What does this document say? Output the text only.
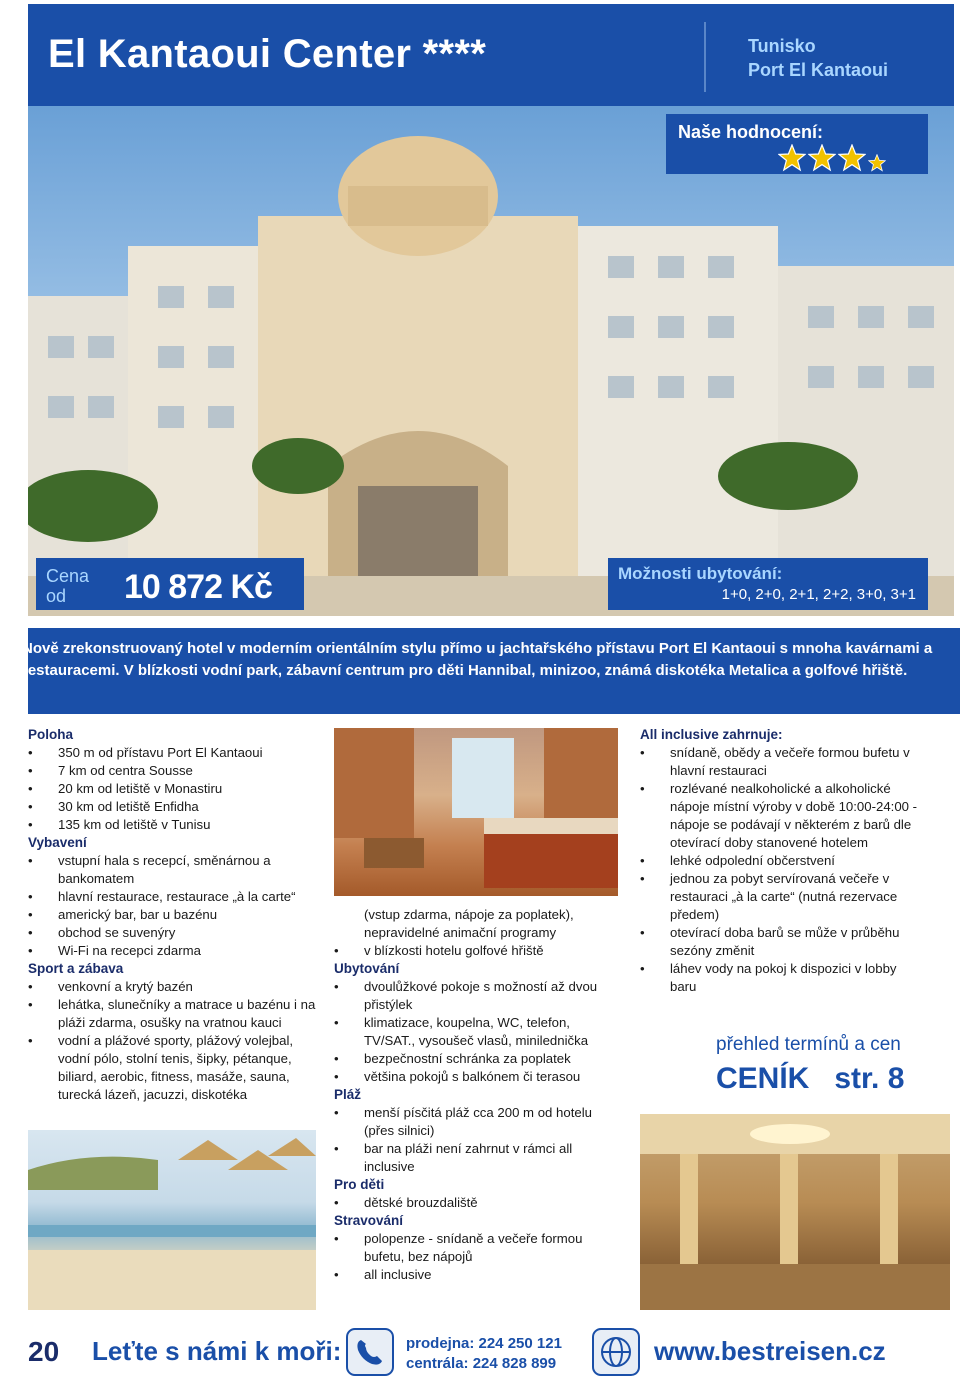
El Kantaoui Center ****	Tunisko
Port El Kantaoui
Naše hodnocení:
Cena od	10 872 Kč	Možnosti ubytování:
1+0, 2+0, 2+1, 2+2, 3+0, 3+1

Nově zrekonstruovaný hotel v moderním orientálním stylu přímo u jachtařského přístavu Port El Kantaoui s mnoha kavárnami a restauracemi. V blízkosti vodní park, zábavní centrum pro děti Hannibal, minizoo, známá diskotéka Metalica a golfové hřiště.

Poloha
• 350 m od přístavu Port El Kantaoui
• 7 km od centra Sousse
• 20 km od letiště v Monastiru
• 30 km od letiště Enfidha
• 135 km od letiště v Tunisu
Vybavení
• vstupní hala s recepcí, směnárnou a bankomatem
• hlavní restaurace, restaurace „à la carte“
• americký bar, bar u bazénu
• obchod se suvenýry
• Wi-Fi na recepci zdarma
Sport a zábava
• venkovní a krytý bazén
• lehátka, slunečníky a matrace u bazénu i na pláži zdarma, osušky na vratnou kauci
• vodní a plážové sporty, plážový volejbal, vodní pólo, stolní tenis, šipky, pétanque, biliard, aerobic, fitness, masáže, sauna, turecká lázeň, jacuzzi, diskotéka
(vstup zdarma, nápoje za poplatek), nepravidelné animační programy
• v blízkosti hotelu golfové hřiště
Ubytování
• dvoulůžkové pokoje s možností až dvou přistýlek
• klimatizace, koupelna, WC, telefon, TV/SAT., vysoušeč vlasů, minilednička
• bezpečnostní schránka za poplatek
• většina pokojů s balkónem či terasou
Pláž
• menší písčitá pláž cca 200 m od hotelu (přes silnici)
• bar na pláži není zahrnut v rámci all inclusive
Pro děti
• dětské brouzdaliště
Stravování
• polopenze - snídaně a večeře formou bufetu, bez nápojů
• all inclusive
All inclusive zahrnuje:
• snídaně, obědy a večeře formou bufetu v hlavní restauraci
• rozlévané nealkoholické a alkoholické nápoje místní výroby v době 10:00-24:00 - nápoje se podávají v některém z barů dle otevírací doby stanovené hotelem
• lehké odpolední občerstvení
• jednou za pobyt servírovaná večeře v restauraci „à la carte“ (nutná rezervace předem)
• otevírací doba barů se může v průběhu sezóny změnit
• láhev vody na pokoj k dispozici v lobby baru
přehled termínů a cen
CENÍK   str. 8
20 Leťte s námi k moři:	prodejna: 224 250 121
centrála: 224 828 899	www.bestreisen.cz
